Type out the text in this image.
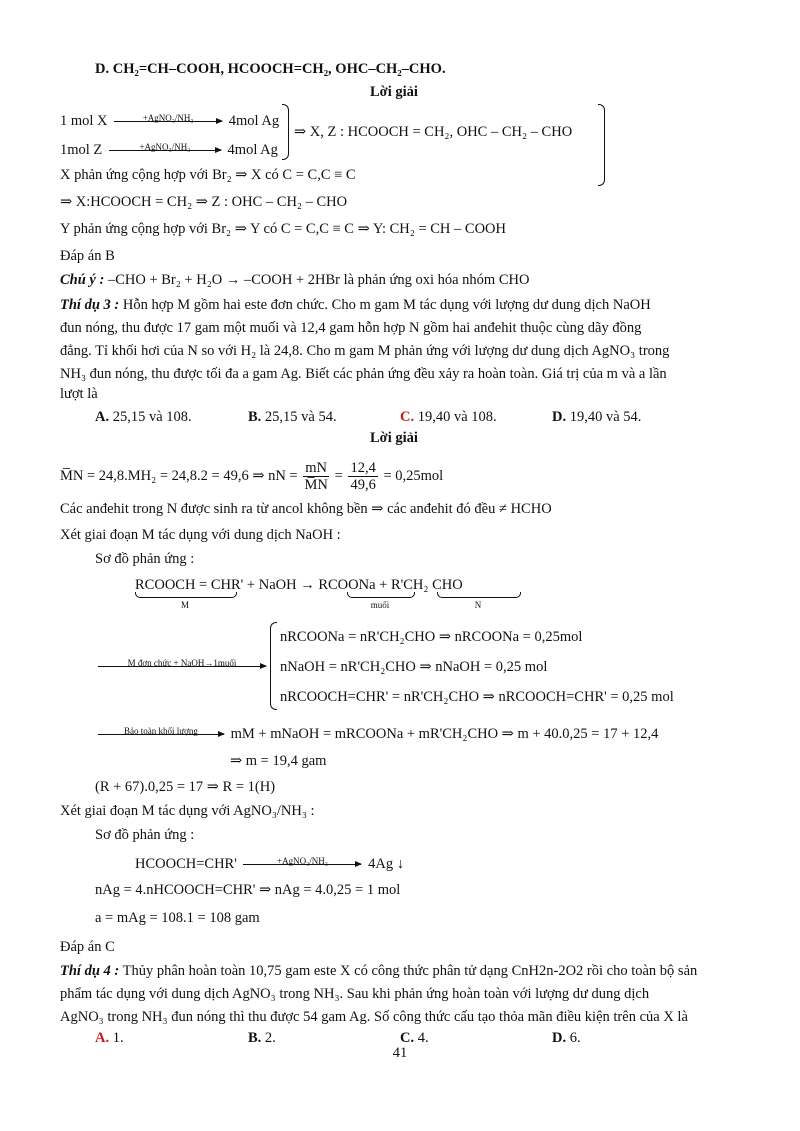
D. CH₂=CH–COOH, HCOOCH=CH₂, OHC–CH₂–CHO.
Lời giải
1 mol X	+AgNO₃/NH₃	4mol Ag
1mol Z	+AgNO₃/NH₃	4mol Ag
⇒ X, Z : HCOOCH = CH₂, OHC – CH₂ – CHO
X phản ứng cộng hợp với Br₂ ⇒ X có C = C,C ≡ C
⇒ X:HCOOCH = CH₂ ⇒ Z : OHC – CH₂ – CHO
Y phản ứng cộng hợp với Br₂ ⇒ Y có C = C,C ≡ C ⇒ Y: CH₂ = CH – COOH
Đáp án B
Chú ý : –CHO + Br₂ + H₂O → –COOH + 2HBr là phản ứng oxi hóa nhóm CHO
Thí dụ 3 : Hỗn hợp M gồm hai este đơn chức. Cho m gam M tác dụng với lượng dư dung dịch NaOH
đun nóng, thu được 17 gam một muối và 12,4 gam hỗn hợp N gồm hai anđehit thuộc cùng dãy đồng
đẳng. Tỉ khối hơi của N so với H₂ là 24,8. Cho m gam M phản ứng với lượng dư dung dịch AgNO₃ trong
NH₃ đun nóng, thu được tối đa a gam Ag. Biết các phản ứng đều xảy ra hoàn toàn. Giá trị của m và a lần
lượt là
A. 25,15 và 108.	B. 25,15 và 54.	C. 19,40 và 108.	D. 19,40 và 54.
Lời giải
M̅N = 24,8.MH₂ = 24,8.2 = 49,6 ⇒ nN = $\frac{mN}{M̅N} = \frac{12,4}{49,6} = 0,25mol$
Các anđehit trong N được sinh ra từ ancol không bền ⇒ các anđehit đó đều ≠ HCHO
Xét giai đoạn M tác dụng với dung dịch NaOH :
Sơ đồ phản ứng :
RCOOCH = CHR' + NaOH → RCOONa + R'CH₂ CHO
M	muối	N
M đơn chức + NaOH→1muối
nRCOONa = nR'CH₂CHO ⇒ nRCOONa = 0,25mol
nNaOH = nR'CH₂CHO ⇒ nNaOH = 0,25 mol
nRCOOCH=CHR' = nR'CH₂CHO ⇒ nRCOOCH=CHR' = 0,25 mol
Bảo toàn khối lượng	mM + mNaOH = mRCOONa + mR'CH₂CHO ⇒ m + 40.0,25 = 17 + 12,4
⇒ m = 19,4 gam
(R + 67).0,25 = 17 ⇒ R = 1(H)
Xét giai đoạn M tác dụng với AgNO₃/NH₃ :
Sơ đồ phản ứng :
HCOOCH=CHR'	+AgNO₃/NH₃	4Ag ↓
nAg = 4.nHCOOCH=CHR' ⇒ nAg = 4.0,25 = 1 mol
a = mAg = 108.1 = 108 gam
Đáp án C
Thí dụ 4 : Thủy phân hoàn toàn 10,75 gam este X có công thức phân tử dạng CnH2n-2O2 rồi cho toàn bộ sản
phẩm tác dụng với dung dịch AgNO₃ trong NH₃. Sau khi phản ứng hoàn toàn với lượng dư dung dịch
AgNO₃ trong NH₃ đun nóng thì thu được 54 gam Ag. Số công thức cấu tạo thỏa mãn điều kiện trên của X là
A. 1.	B. 2.	C. 4.	D. 6.
41
